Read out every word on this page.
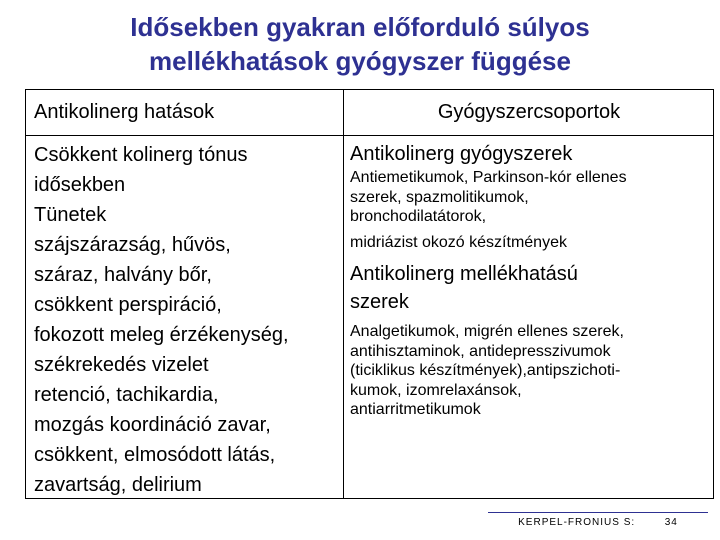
Idősekben gyakran előforduló súlyos
mellékhatások gyógyszer függése
Antikolinerg hatások	Gyógyszercsoportok
Csökkent kolinerg tónus
idősekben
Tünetek
szájszárazság, hűvös,
száraz, halvány bőr,
csökkent perspiráció,
fokozott meleg érzékenység,
székrekedés vizelet
retenció, tachikardia,
mozgás koordináció zavar,
csökkent, elmosódott látás,
zavartság, delirium
Antikolinerg gyógyszerek
Antiemetikumok, Parkinson-kór ellenes
szerek, spazmolitikumok,
bronchodilatátorok,
midriázist okozó készítmények
Antikolinerg mellékhatású
szerek
Analgetikumok, migrén ellenes szerek,
antihisztaminok, antidepresszivumok
(ticiklikus készítmények),antipszichoti-
kumok, izomrelaxánsok,
antiarritmetikumok
KERPEL-FRONIUS S:	34
